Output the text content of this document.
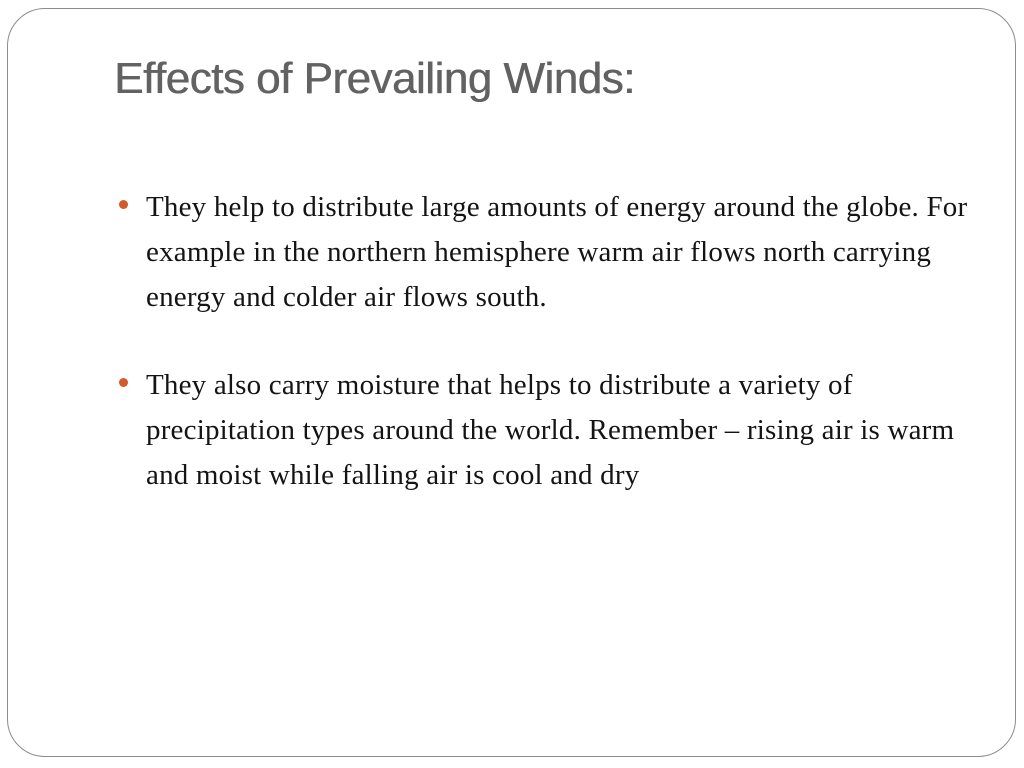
Effects of Prevailing Winds:
They help to distribute large amounts of energy around the globe. For example in the northern hemisphere warm air flows north carrying energy and colder air flows south.
They also carry moisture that helps to distribute a variety of precipitation types around the world. Remember – rising air is warm and moist while falling air is cool and dry
